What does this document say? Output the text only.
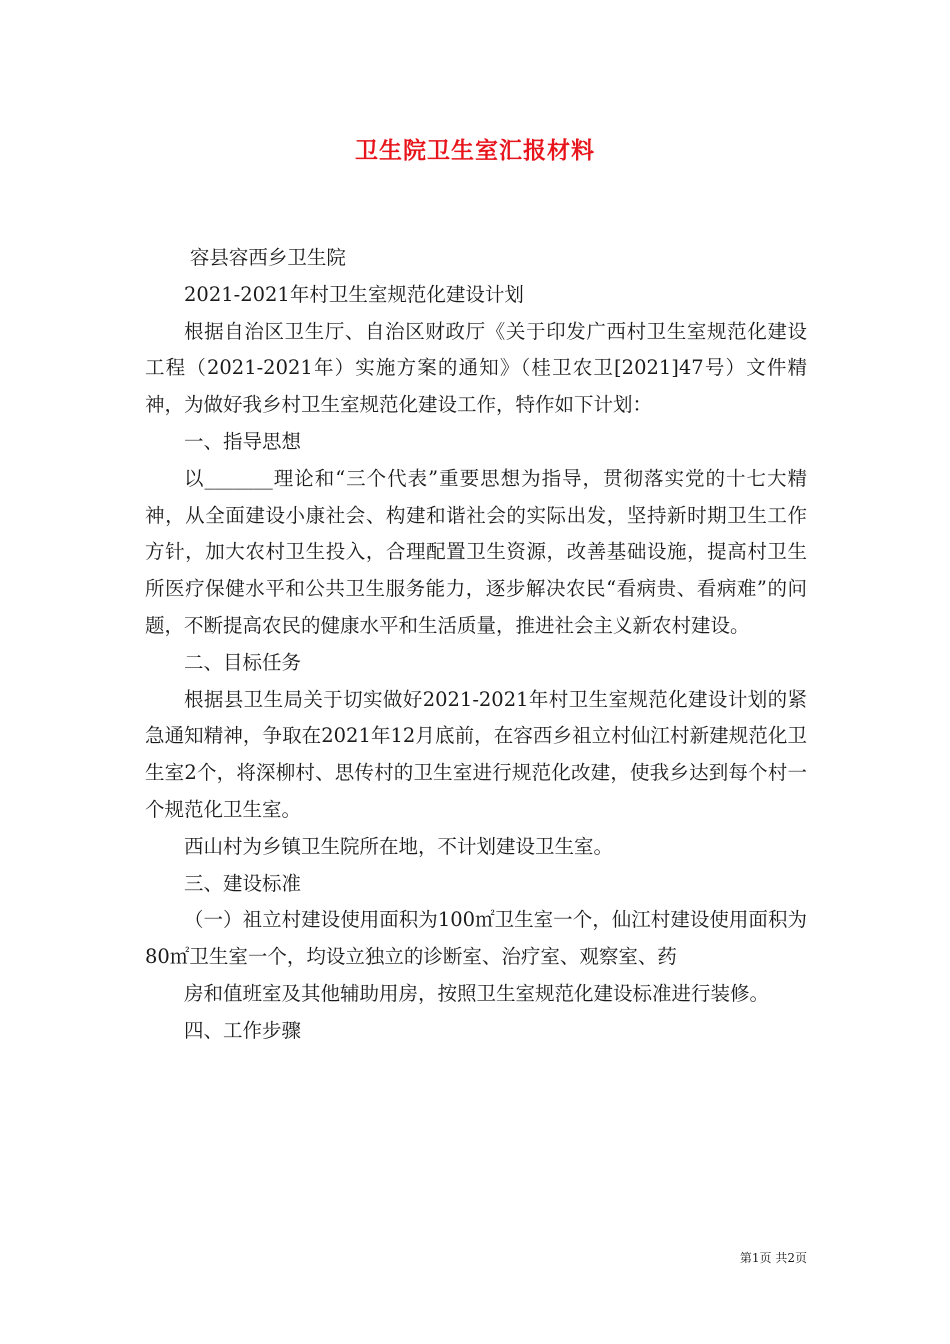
卫生院卫生室汇报材料

容县容西乡卫生院

2021-2021年村卫生室规范化建设计划

根据自治区卫生厅、自治区财政厅《关于印发广西村卫生室规范化建设工程（2021-2021年）实施方案的通知》（桂卫农卫[2021]47号）文件精神，为做好我乡村卫生室规范化建设工作，特作如下计划：

一、指导思想

以_______理论和“三个代表”重要思想为指导，贯彻落实党的十七大精神，从全面建设小康社会、构建和谐社会的实际出发，坚持新时期卫生工作方针，加大农村卫生投入，合理配置卫生资源，改善基础设施，提高村卫生所医疗保健水平和公共卫生服务能力，逐步解决农民“看病贵、看病难”的问题，不断提高农民的健康水平和生活质量，推进社会主义新农村建设。

二、目标任务

根据县卫生局关于切实做好2021-2021年村卫生室规范化建设计划的紧急通知精神，争取在2021年12月底前，在容西乡祖立村仙江村新建规范化卫生室2个，将深柳村、思传村的卫生室进行规范化改建，使我乡达到每个村一个规范化卫生室。

西山村为乡镇卫生院所在地，不计划建设卫生室。

三、建设标准

（一）祖立村建设使用面积为100㎡卫生室一个，仙江村建设使用面积为80㎡卫生室一个，均设立独立的诊断室、治疗室、观察室、药

房和值班室及其他辅助用房，按照卫生室规范化建设标准进行装修。

四、工作步骤

第1页 共2页
